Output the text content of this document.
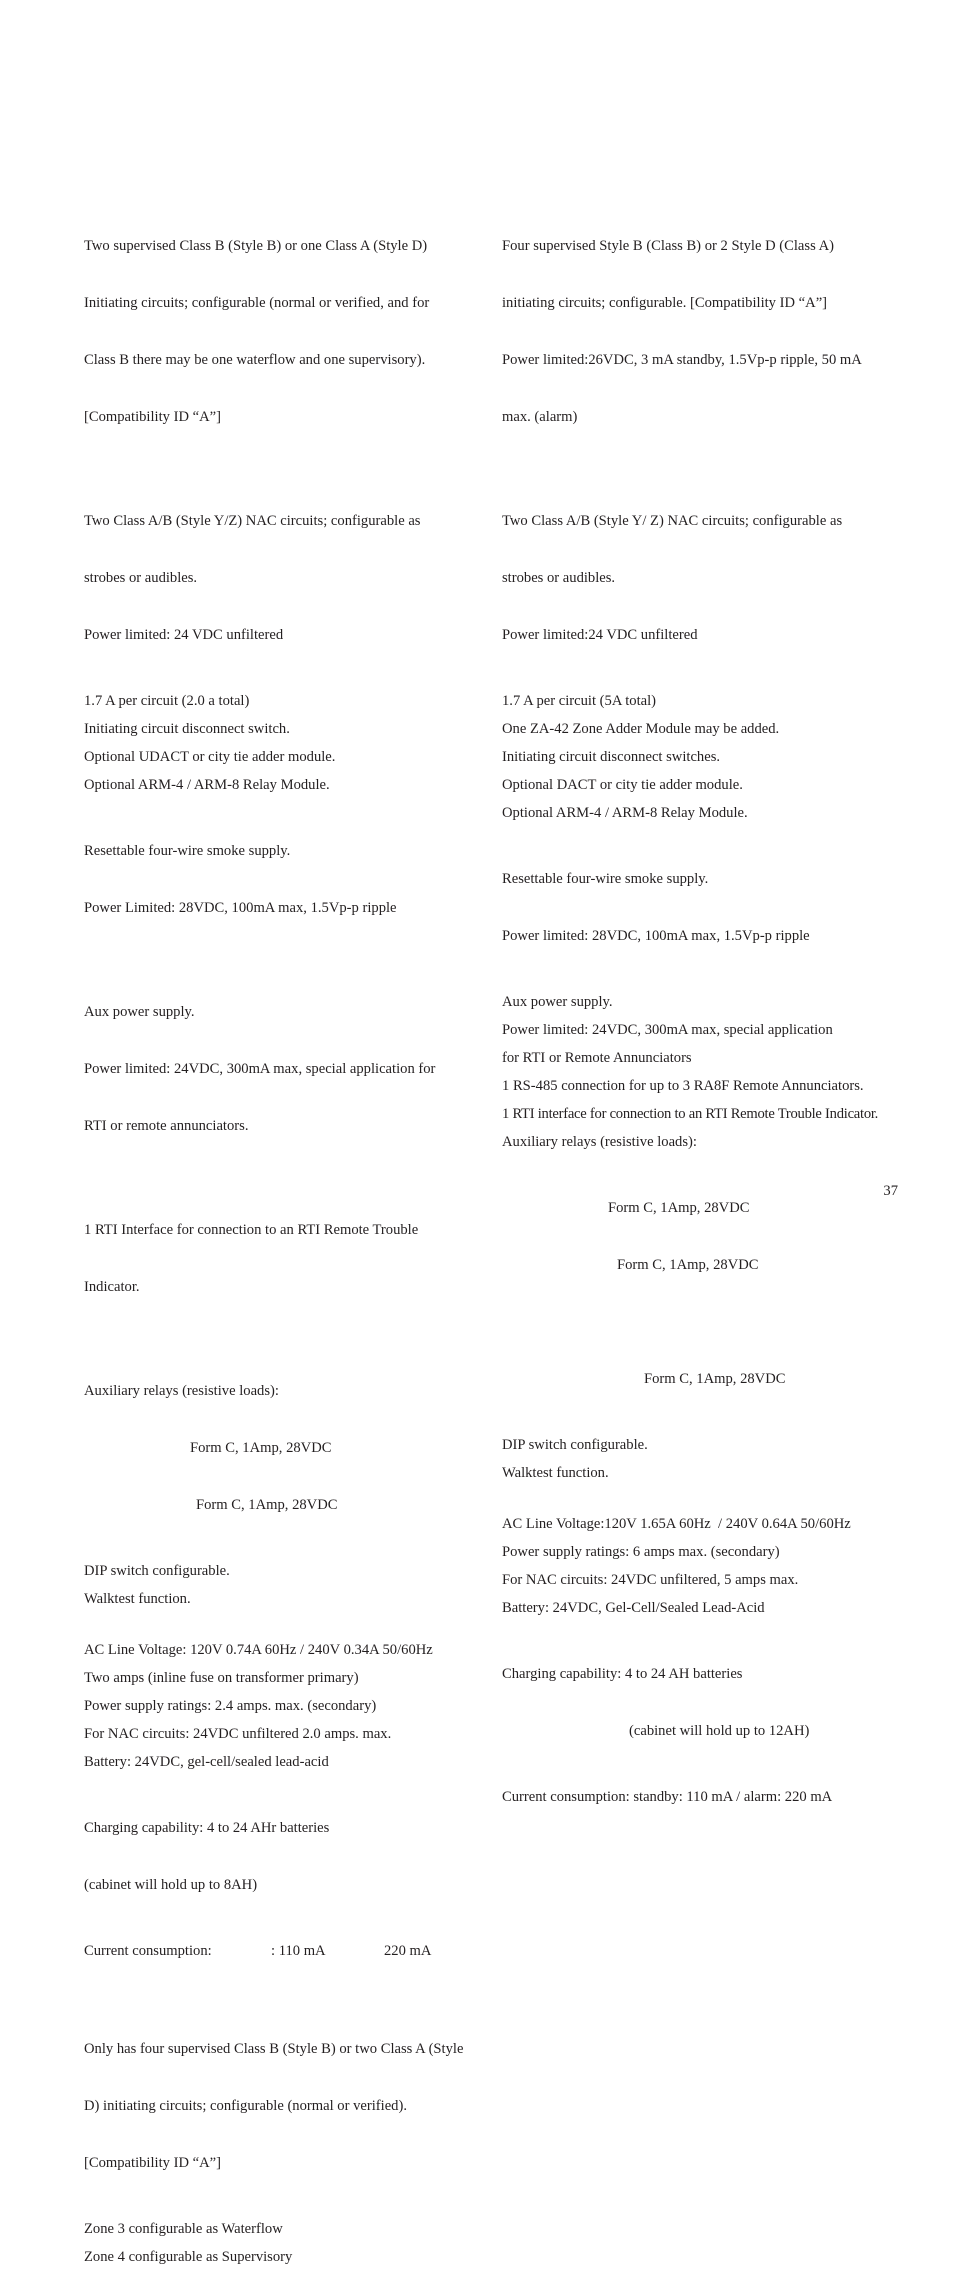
Two supervised Class B (Style B) or one Class A (Style D)

Initiating circuits; configurable (normal or verified, and for

Class B there may be one waterflow and one supervisory).

[Compatibility ID “A”]

Two Class A/B (Style Y/Z) NAC circuits; configurable as

strobes or audibles.

Power limited: 24 VDC unfiltered

1.7 A per circuit (2.0 a total)
Initiating circuit disconnect switch.
Optional UDACT or city tie adder module.
Optional ARM-4 / ARM-8 Relay Module.

Resettable four-wire smoke supply.

Power Limited: 28VDC, 100mA max, 1.5Vp-p ripple

Aux power supply.

Power limited: 24VDC, 300mA max, special application for

RTI or remote annunciators.

1 RTI Interface for connection to an RTI Remote Trouble

Indicator.

Auxiliary relays (resistive loads):

Form C, 1Amp, 28VDC

Form C, 1Amp, 28VDC

DIP switch configurable.
Walktest function.
AC Line Voltage: 120V 0.74A 60Hz / 240V 0.34A 50/60Hz
Two amps (inline fuse on transformer primary)
Power supply ratings: 2.4 amps. max. (secondary)
For NAC circuits: 24VDC unfiltered 2.0 amps. max.
Battery: 24VDC, gel-cell/sealed lead-acid

Charging capability: 4 to 24 AHr batteries

(cabinet will hold up to 8AH)

Current consumption:	: 110 mA	220 mA

Only has four supervised Class B (Style B) or two Class A (Style

D) initiating circuits; configurable (normal or verified).

[Compatibility ID “A”]

Zone 3 configurable as Waterflow
Zone 4 configurable as Supervisory

Four supervised Style B (Class B) or 2 Style D (Class A)

initiating circuits; configurable. [Compatibility ID “A”]

Power limited:26VDC, 3 mA standby, 1.5Vp-p ripple, 50 mA

max. (alarm)

Two Class A/B (Style Y/ Z) NAC circuits; configurable as

strobes or audibles.

Power limited:24 VDC unfiltered

1.7 A per circuit (5A total)
One ZA-42 Zone Adder Module may be added.
Initiating circuit disconnect switches.
Optional DACT or city tie adder module.
Optional ARM-4 / ARM-8 Relay Module.

Resettable four-wire smoke supply.

Power limited: 28VDC, 100mA max, 1.5Vp-p ripple

Aux power supply.
Power limited: 24VDC, 300mA max, special application
for RTI or Remote Annunciators
1 RS-485 connection for up to 3 RA8F Remote Annunciators.
1 RTI interface for connection to an RTI Remote Trouble Indicator.
Auxiliary relays (resistive loads):

Form C, 1Amp, 28VDC

Form C, 1Amp, 28VDC

Form C, 1Amp, 28VDC

DIP switch configurable.
Walktest function.
AC Line Voltage:120V 1.65A 60Hz  / 240V 0.64A 50/60Hz
Power supply ratings: 6 amps max. (secondary)
For NAC circuits: 24VDC unfiltered, 5 amps max.
Battery: 24VDC, Gel-Cell/Sealed Lead-Acid

Charging capability: 4 to 24 AH batteries

(cabinet will hold up to 12AH)

Current consumption: standby: 110 mA / alarm: 220 mA
37
